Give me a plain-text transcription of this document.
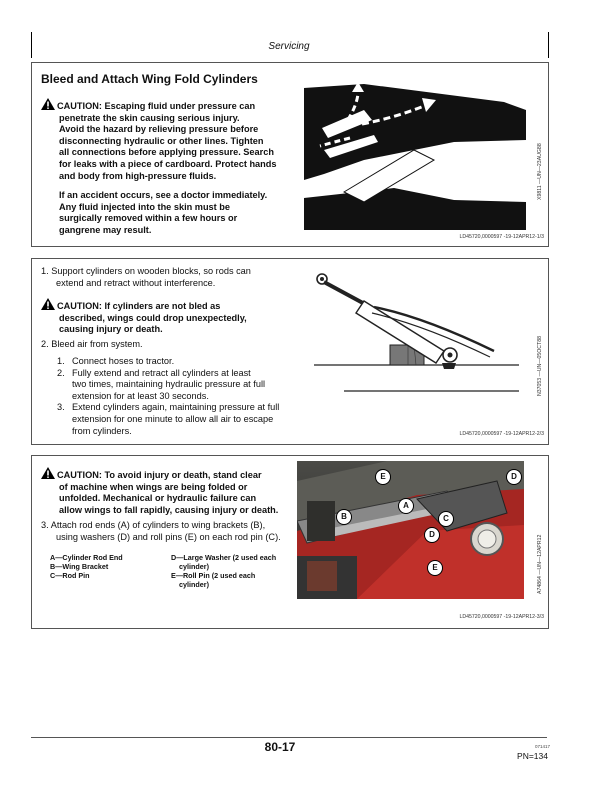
Servicing
Bleed and Attach Wing Fold Cylinders
CAUTION: Escaping fluid under pressure can
penetrate the skin causing serious injury.
Avoid the hazard by relieving pressure before
disconnecting hydraulic or other lines. Tighten
all connections before applying pressure. Search
for leaks with a piece of cardboard. Protect hands
and body from high-pressure fluids.
If an accident occurs, see a doctor immediately.
Any fluid injected into the skin must be
surgically removed within a few hours or
gangrene may result.
X9811 —UN—23AUG88
LD45720,0000597 -19-12APR12-1/3
1. Support cylinders on wooden blocks, so rods can
extend and retract without interference.
CAUTION: If cylinders are not bled as
described, wings could drop unexpectedly,
causing injury or death.
2. Bleed air from system.
1. Connect hoses to tractor.
2. Fully extend and retract all cylinders at least
two times, maintaining hydraulic pressure at full
extension for at least 30 seconds.
3. Extend cylinders again, maintaining pressure at full
extension for one minute to allow all air to escape
from cylinders.
N37053 —UN—05OCT88
LD45720,0000597 -19-12APR12-2/3
CAUTION: To avoid injury or death, stand clear
of machine when wings are being folded or
unfolded. Mechanical or hydraulic failure can
allow wings to fall rapidly, causing injury or death.
3. Attach rod ends (A) of cylinders to wing brackets (B),
using washers (D) and roll pins (E) on each rod pin (C).
A—Cylinder Rod End
B—Wing Bracket
C—Rod Pin
D—Large Washer (2 used each
cylinder)
E—Roll Pin (2 used each
cylinder)
E	D
A
B	C
D
E	A74864 —UN—12APR12
LD45720,0000597 -19-12APR12-3/3
80-17	071417
PN=134
